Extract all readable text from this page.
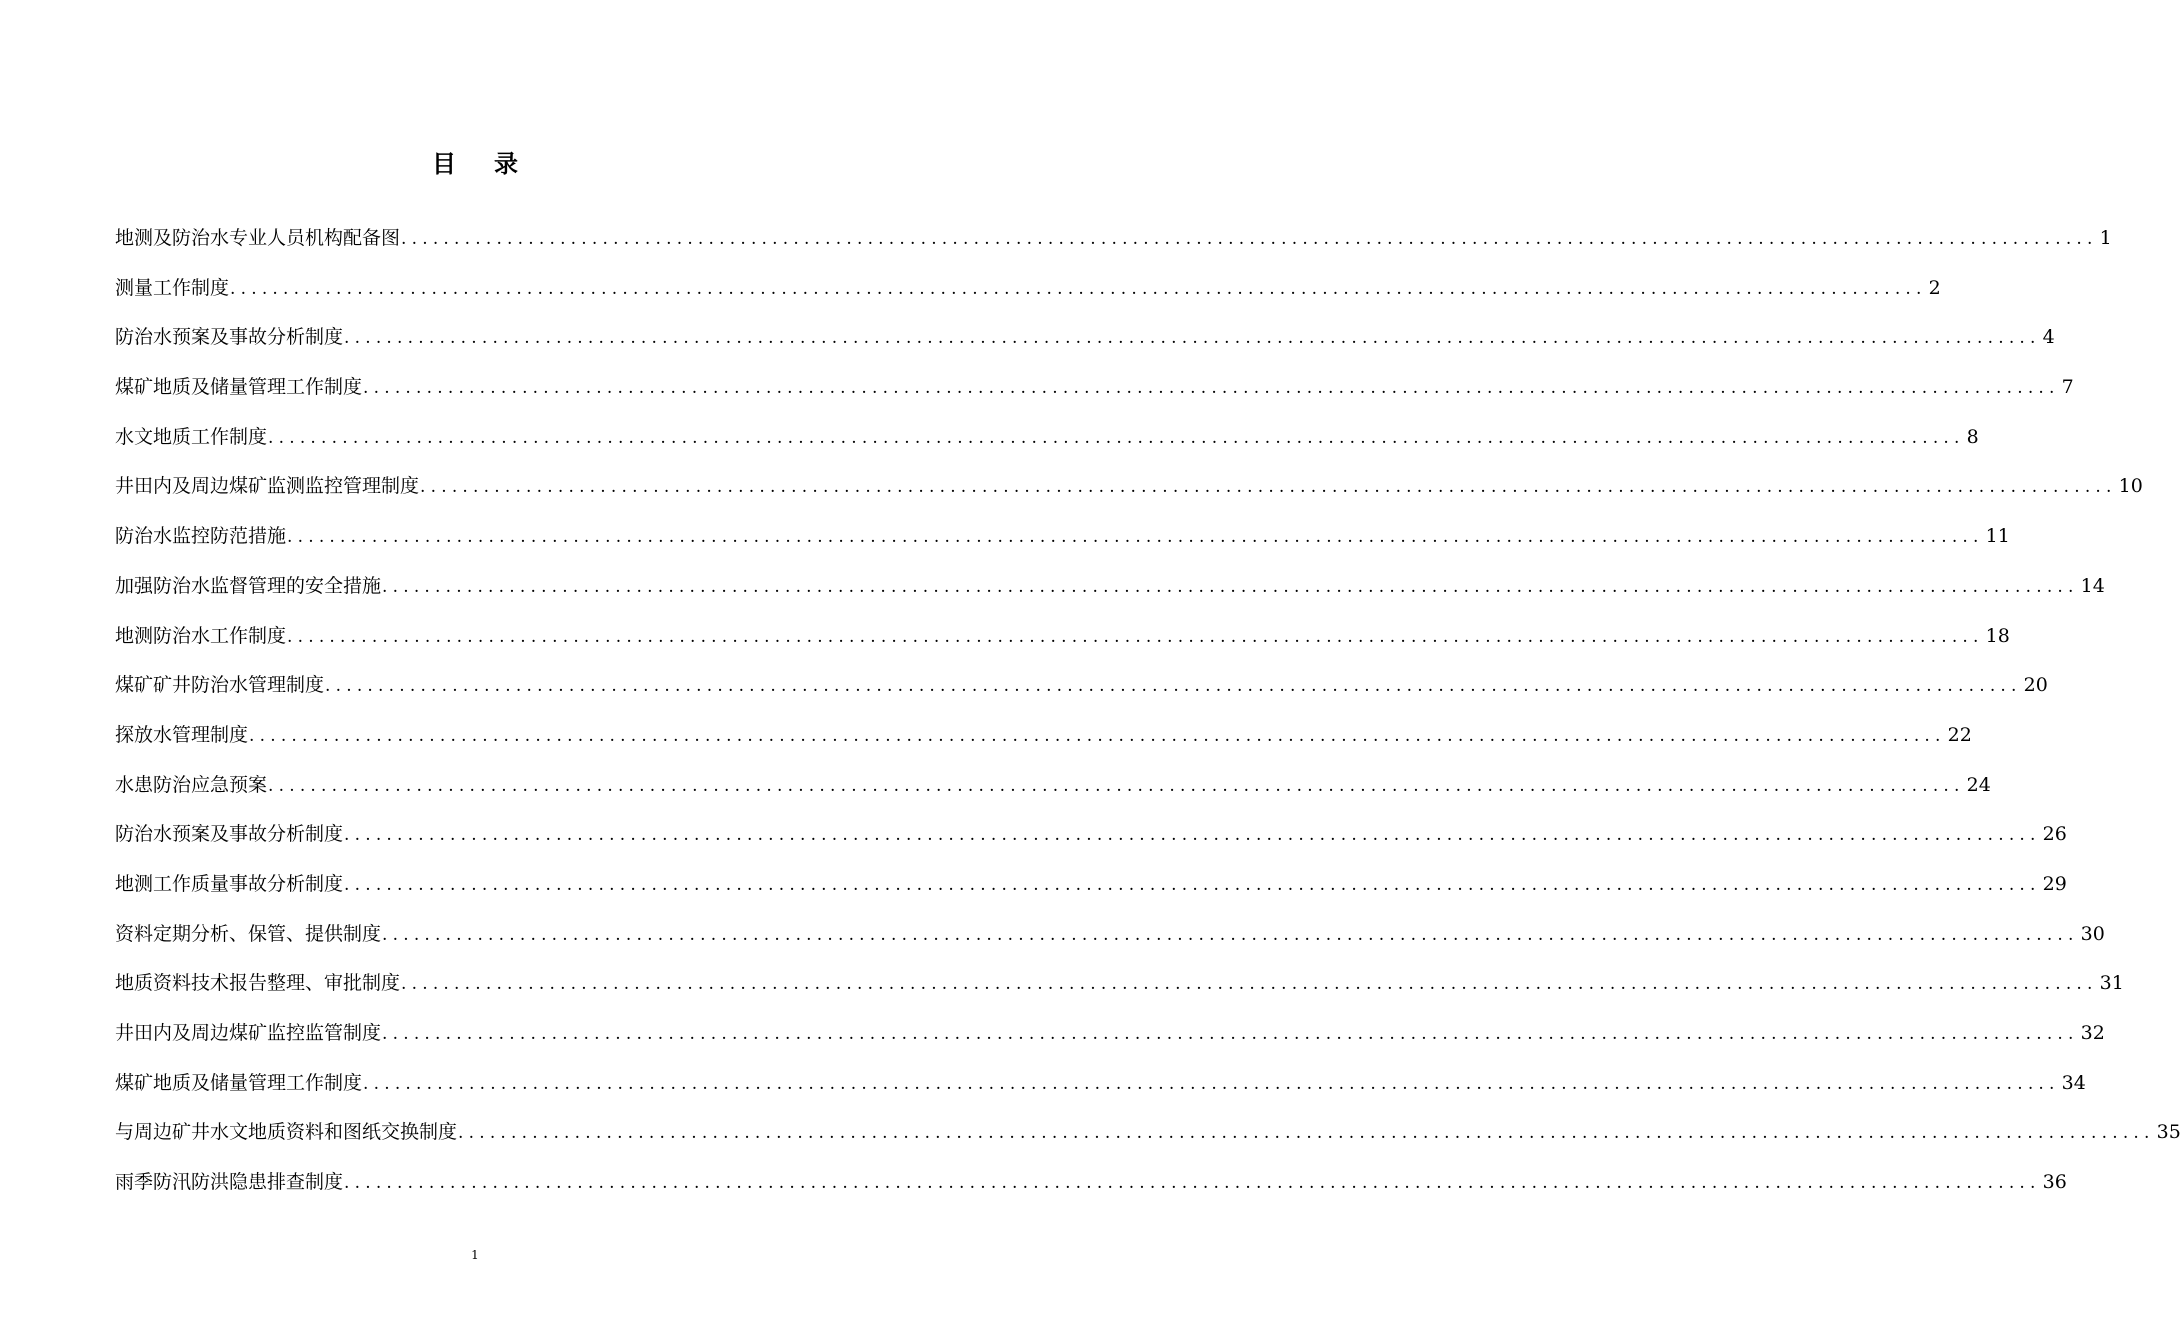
目录
地测及防治水专业人员机构配备图 ................................................................................................................................................................ 1
测量工作制度 ................................................................................................................................................................ 2
防治水预案及事故分析制度 ................................................................................................................................................................ 4
煤矿地质及储量管理工作制度 ................................................................................................................................................................ 7
水文地质工作制度 ................................................................................................................................................................ 8
井田内及周边煤矿监测监控管理制度 ................................................................................................................................................................ 10
防治水监控防范措施 ................................................................................................................................................................ 11
加强防治水监督管理的安全措施 ................................................................................................................................................................ 14
地测防治水工作制度 ................................................................................................................................................................ 18
煤矿矿井防治水管理制度 ................................................................................................................................................................ 20
探放水管理制度 ................................................................................................................................................................ 22
水患防治应急预案 ................................................................................................................................................................ 24
防治水预案及事故分析制度 ................................................................................................................................................................ 26
地测工作质量事故分析制度 ................................................................................................................................................................ 29
资料定期分析、保管、提供制度 ................................................................................................................................................................ 30
地质资料技术报告整理、审批制度 ................................................................................................................................................................ 31
井田内及周边煤矿监控监管制度 ................................................................................................................................................................ 32
煤矿地质及储量管理工作制度 ................................................................................................................................................................ 34
与周边矿井水文地质资料和图纸交换制度 ................................................................................................................................................................ 35
雨季防汛防洪隐患排查制度 ................................................................................................................................................................ 36
1
